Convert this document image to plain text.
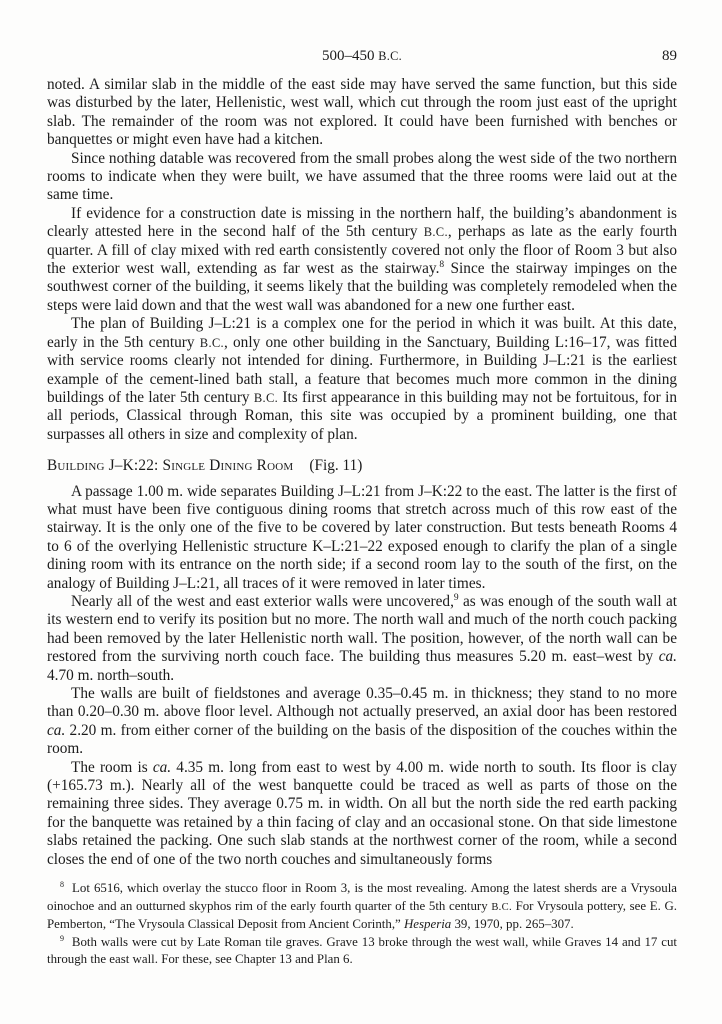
500–450 B.C.	89

noted. A similar slab in the middle of the east side may have served the same function, but this side was disturbed by the later, Hellenistic, west wall, which cut through the room just east of the upright slab. The remainder of the room was not explored. It could have been furnished with benches or banquettes or might even have had a kitchen.

Since nothing datable was recovered from the small probes along the west side of the two northern rooms to indicate when they were built, we have assumed that the three rooms were laid out at the same time.

If evidence for a construction date is missing in the northern half, the building’s abandonment is clearly attested here in the second half of the 5th century B.C., perhaps as late as the early fourth quarter. A fill of clay mixed with red earth consistently covered not only the floor of Room 3 but also the exterior west wall, extending as far west as the stairway.$^8$ Since the stairway impinges on the southwest corner of the building, it seems likely that the building was completely remodeled when the steps were laid down and that the west wall was abandoned for a new one further east.

The plan of Building J–L:21 is a complex one for the period in which it was built. At this date, early in the 5th century B.C., only one other building in the Sanctuary, Building L:16–17, was fitted with service rooms clearly not intended for dining. Furthermore, in Building J–L:21 is the earliest example of the cement-lined bath stall, a feature that becomes much more common in the dining buildings of the later 5th century B.C. Its first appearance in this building may not be fortuitous, for in all periods, Classical through Roman, this site was occupied by a prominent building, one that surpasses all others in size and complexity of plan.

Building J–K:22: Single Dining Room (Fig. 11)

A passage 1.00 m. wide separates Building J–L:21 from J–K:22 to the east. The latter is the first of what must have been five contiguous dining rooms that stretch across much of this row east of the stairway. It is the only one of the five to be covered by later construction. But tests beneath Rooms 4 to 6 of the overlying Hellenistic structure K–L:21–22 exposed enough to clarify the plan of a single dining room with its entrance on the north side; if a second room lay to the south of the first, on the analogy of Building J–L:21, all traces of it were removed in later times.

Nearly all of the west and east exterior walls were uncovered,$^9$ as was enough of the south wall at its western end to verify its position but no more. The north wall and much of the north couch packing had been removed by the later Hellenistic north wall. The position, however, of the north wall can be restored from the surviving north couch face. The building thus measures 5.20 m. east–west by ca. 4.70 m. north–south.

The walls are built of fieldstones and average 0.35–0.45 m. in thickness; they stand to no more than 0.20–0.30 m. above floor level. Although not actually preserved, an axial door has been restored ca. 2.20 m. from either corner of the building on the basis of the disposition of the couches within the room.

The room is ca. 4.35 m. long from east to west by 4.00 m. wide north to south. Its floor is clay (+165.73 m.). Nearly all of the west banquette could be traced as well as parts of those on the remaining three sides. They average 0.75 m. in width. On all but the north side the red earth packing for the banquette was retained by a thin facing of clay and an occasional stone. On that side limestone slabs retained the packing. One such slab stands at the northwest corner of the room, while a second closes the end of one of the two north couches and simultaneously forms

$^8$ Lot 6516, which overlay the stucco floor in Room 3, is the most revealing. Among the latest sherds are a Vrysoula oinochoe and an outturned skyphos rim of the early fourth quarter of the 5th century B.C. For Vrysoula pottery, see E. G. Pemberton, “The Vrysoula Classical Deposit from Ancient Corinth,” Hesperia 39, 1970, pp. 265–307.

$^9$ Both walls were cut by Late Roman tile graves. Grave 13 broke through the west wall, while Graves 14 and 17 cut through the east wall. For these, see Chapter 13 and Plan 6.
